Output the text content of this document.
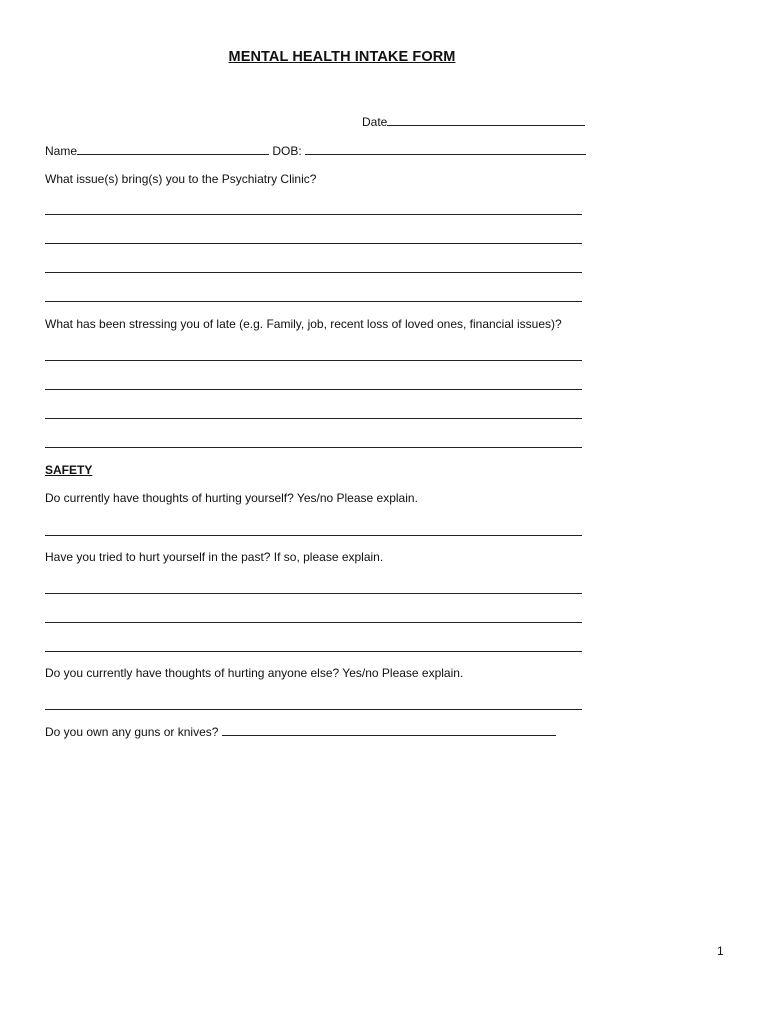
MENTAL HEALTH INTAKE FORM
Date
Name	DOB:
What issue(s) bring(s) you to the Psychiatry Clinic?
What has been stressing you of late (e.g. Family, job, recent loss of loved ones, financial issues)?
SAFETY
Do currently have thoughts of hurting yourself? Yes/no Please explain.
Have you tried to hurt yourself in the past? If so, please explain.
Do you currently have thoughts of hurting anyone else? Yes/no Please explain.
Do you own any guns or knives?
1
